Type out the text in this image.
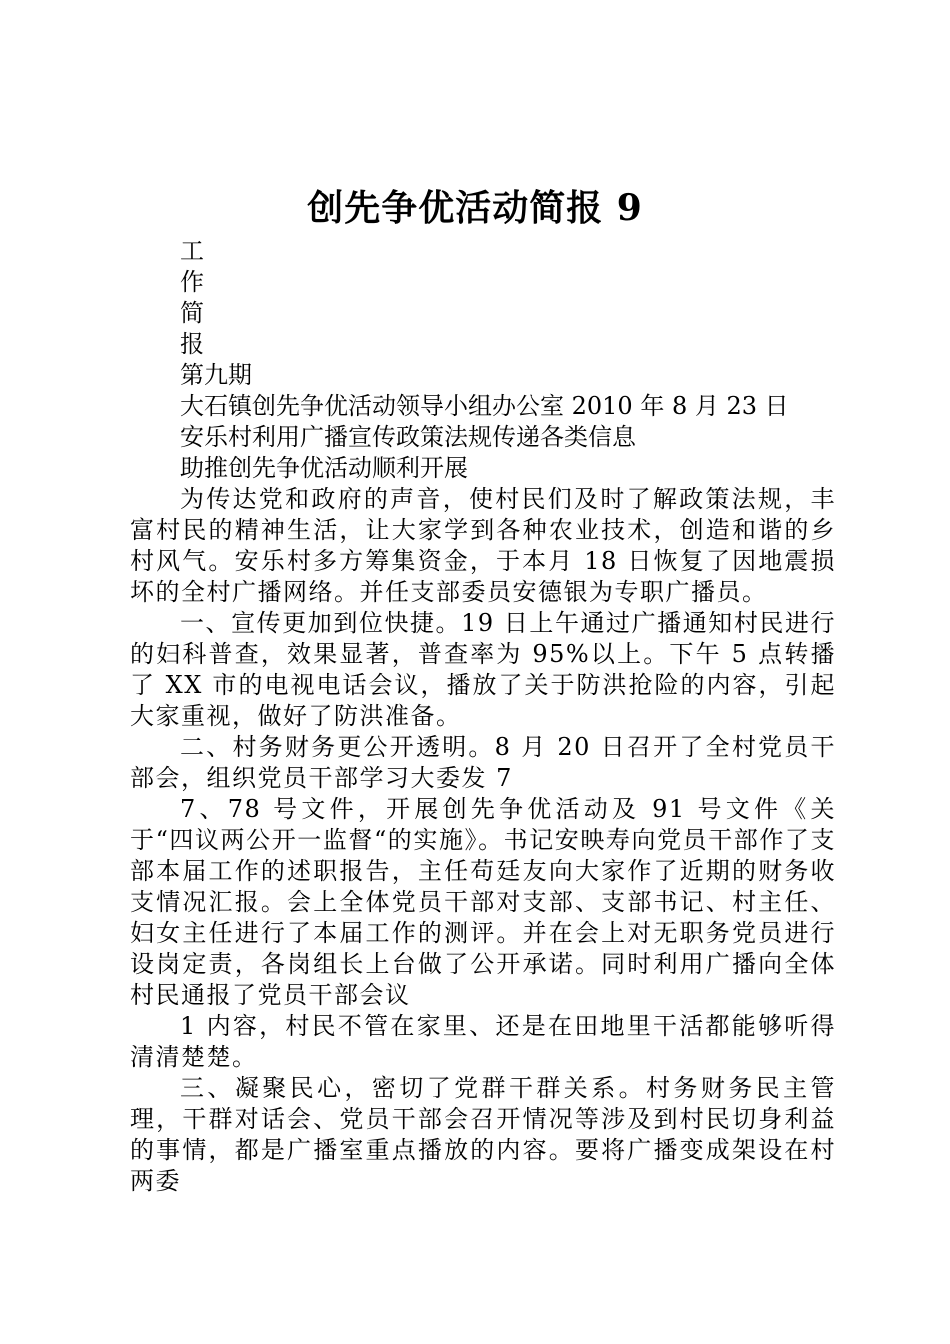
创先争优活动简报 9

工

作

简

报

第九期

大石镇创先争优活动领导小组办公室 2010 年 8 月 23 日

安乐村利用广播宣传政策法规传递各类信息

助推创先争优活动顺利开展

为传达党和政府的声音，使村民们及时了解政策法规，丰富村民的精神生活，让大家学到各种农业技术，创造和谐的乡村风气。安乐村多方筹集资金，于本月 18 日恢复了因地震损坏的全村广播网络。并任支部委员安德银为专职广播员。

一、宣传更加到位快捷。19 日上午通过广播通知村民进行的妇科普查，效果显著，普查率为 95%以上。下午 5 点转播了 XX 市的电视电话会议，播放了关于防洪抢险的内容，引起大家重视，做好了防洪准备。

二、村务财务更公开透明。8 月 20 日召开了全村党员干部会，组织党员干部学习大委发 7

7、78 号文件，开展创先争优活动及 91 号文件《关于“四议两公开一监督“的实施》。书记安映寿向党员干部作了支部本届工作的述职报告，主任苟廷友向大家作了近期的财务收支情况汇报。会上全体党员干部对支部、支部书记、村主任、妇女主任进行了本届工作的测评。并在会上对无职务党员进行设岗定责，各岗组长上台做了公开承诺。同时利用广播向全体村民通报了党员干部会议

1 内容，村民不管在家里、还是在田地里干活都能够听得清清楚楚。

三、凝聚民心，密切了党群干群关系。村务财务民主管理，干群对话会、党员干部会召开情况等涉及到村民切身利益的事情，都是广播室重点播放的内容。要将广播变成架设在村两委
